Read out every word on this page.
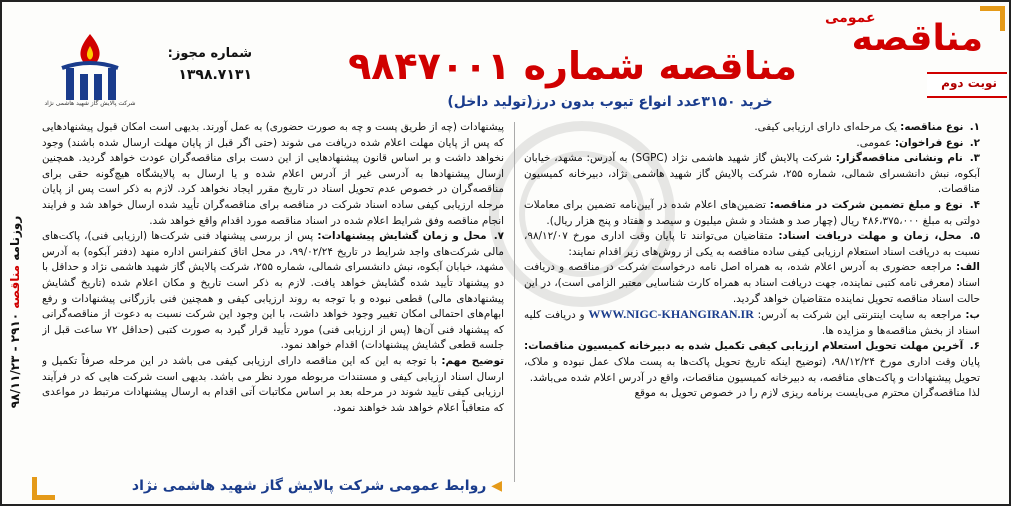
روزنامه مناقصه ۲۹۱۰ - ۹۸/۱۱/۲۳
مناقصه
عمومی
نوبت دوم
مناقصه شماره ۹۸۴۷۰۰۱
خرید ۳۱۵۰عدد انواع تیوب بدون درز(تولید داخل)
شرکت پالایش گاز شهید هاشمی نژاد
شماره مجوز:
۱۳۹۸.۷۱۳۱

۱. نوع مناقصه: یک مرحله‌ای دارای ارزیابی کیفی.

۲. نوع فراخوان: عمومی.

۳. نام ونشانی مناقصه‌گزار: شرکت پالایش گاز شهید هاشمی نژاد (SGPC) به آدرس: مشهد، خیابان آبکوه، نبش دانشسرای شمالی، شماره ۲۵۵، شرکت پالایش گاز شهید هاشمی نژاد، دبیرخانه کمیسیون مناقصات.

۴. نوع و مبلغ تضمین شرکت در مناقصه: تضمین‌های اعلام شده در آیین‌نامه تضمین برای معاملات دولتی به مبلغ ۴۸۶،۳۷۵،۰۰۰ ریال (چهار صد و هشتاد و شش میلیون و سیصد و هفتاد و پنج هزار ریال).

۵. محل، زمان و مهلت دریافت اسناد: متقاضیان می‌توانند تا پایان وقت اداری مورخ ۹۸/۱۲/۰۷، نسبت به دریافت اسناد استعلام ارزیابی کیفی ساده مناقصه به یکی از روش‌های زیر اقدام نمایند:

الف: مراجعه حضوری به آدرس اعلام شده، به همراه اصل نامه درخواست شرکت در مناقصه و دریافت اسناد (معرفی نامه کتبی نماینده، جهت دریافت اسناد به همراه کارت شناسایی معتبر الزامی است)، در این حالت اسناد مناقصه تحویل نماینده متقاضیان خواهد گردید.

ب: مراجعه به سایت اینترنتی این شرکت به آدرس: WWW.NIGC-KHANGIRAN.IR و دریافت کلیه اسناد از بخش مناقصه‌ها و مزایده ها.

۶. آخرین مهلت تحویل استعلام ارزیابی کیفی تکمیل شده به دبیرخانه کمیسیون مناقصات: پایان وقت اداری مورخ ۹۸/۱۲/۲۴، (توضیح اینکه تاریخ تحویل پاکت‌ها به پست ملاک عمل نبوده و ملاک، تحویل پیشنهادات و پاکت‌های مناقصه، به دبیرخانه کمیسیون مناقصات، واقع در آدرس اعلام شده می‌باشد.

لذا مناقصه‌گران محترم می‌بایست برنامه ریزی لازم را در خصوص تحویل به موقع

پیشنهادات (چه از طریق پست و چه به صورت حضوری) به عمل آورند. بدیهی است امکان قبول پیشنهادهایی که پس از پایان مهلت اعلام شده دریافت می شوند (حتی اگر قبل از پایان مهلت ارسال شده باشند) وجود نخواهد داشت و بر اساس قانون پیشنهادهایی از این دست برای مناقصه‌گران عودت خواهد گردید. همچنین ارسال پیشنهادها به آدرسی غیر از آدرس اعلام شده و یا ارسال به پالایشگاه هیچ‌گونه حقی برای مناقصه‌گران در خصوص عدم تحویل اسناد در تاریخ مقرر ایجاد نخواهد کرد. لازم به ذکر است پس از پایان مرحله ارزیابی کیفی ساده اسناد شرکت در مناقصه برای مناقصه‌گران تأیید شده ارسال خواهد شد و فرایند انجام مناقصه وفق شرایط اعلام شده در اسناد مناقصه مورد اقدام واقع خواهد شد.

۷. محل و زمان گشایش پیشنهادات: پس از بررسی پیشنهاد فنی شرکت‌ها (ارزیابی فنی)، پاکت‌های مالی شرکت‌های واجد شرایط در تاریخ ۹۹/۰۲/۲۴، در محل اتاق کنفرانس اداره منهد (دفتر آبکوه) به آدرس مشهد، خیابان آبکوه، نبش دانشسرای شمالی، شماره ۲۵۵، شرکت پالایش گاز شهید هاشمی نژاد و حداقل با دو پیشنهاد تأیید شده گشایش خواهد یافت. لازم به ذکر است تاریخ و مکان اعلام شده (تاریخ گشایش پیشنهادهای مالی) قطعی نبوده و با توجه به روند ارزیابی کیفی و همچنین فنی بازرگانی پیشنهادات و رفع ابهام‌های احتمالی امکان تغییر وجود خواهد داشت، با این وجود این شرکت نسبت به دعوت از مناقصه‌گرانی که پیشنهاد فنی آن‌ها (پس از ارزیابی فنی) مورد تأیید قرار گیرد به صورت کتبی (حداقل ۷۲ ساعت قبل از جلسه قطعی گشایش پیشنهادات) اقدام خواهد نمود.

توضیح مهم: با توجه به این که این مناقصه دارای ارزیابی کیفی می باشد در این مرحله صرفاً تکمیل و ارسال اسناد ارزیابی کیفی و مستندات مربوطه مورد نظر می باشد. بدیهی است شرکت هایی که در فرآیند ارزیابی کیفی تأیید شوند در مرحله بعد بر اساس مکاتبات آتی اقدام به ارسال پیشنهادات مرتبط در مواعدی که متعاقباً اعلام خواهد شد خواهند نمود.

◀ روابط عمومی شرکت پالایش گاز شهید هاشمی نژاد
